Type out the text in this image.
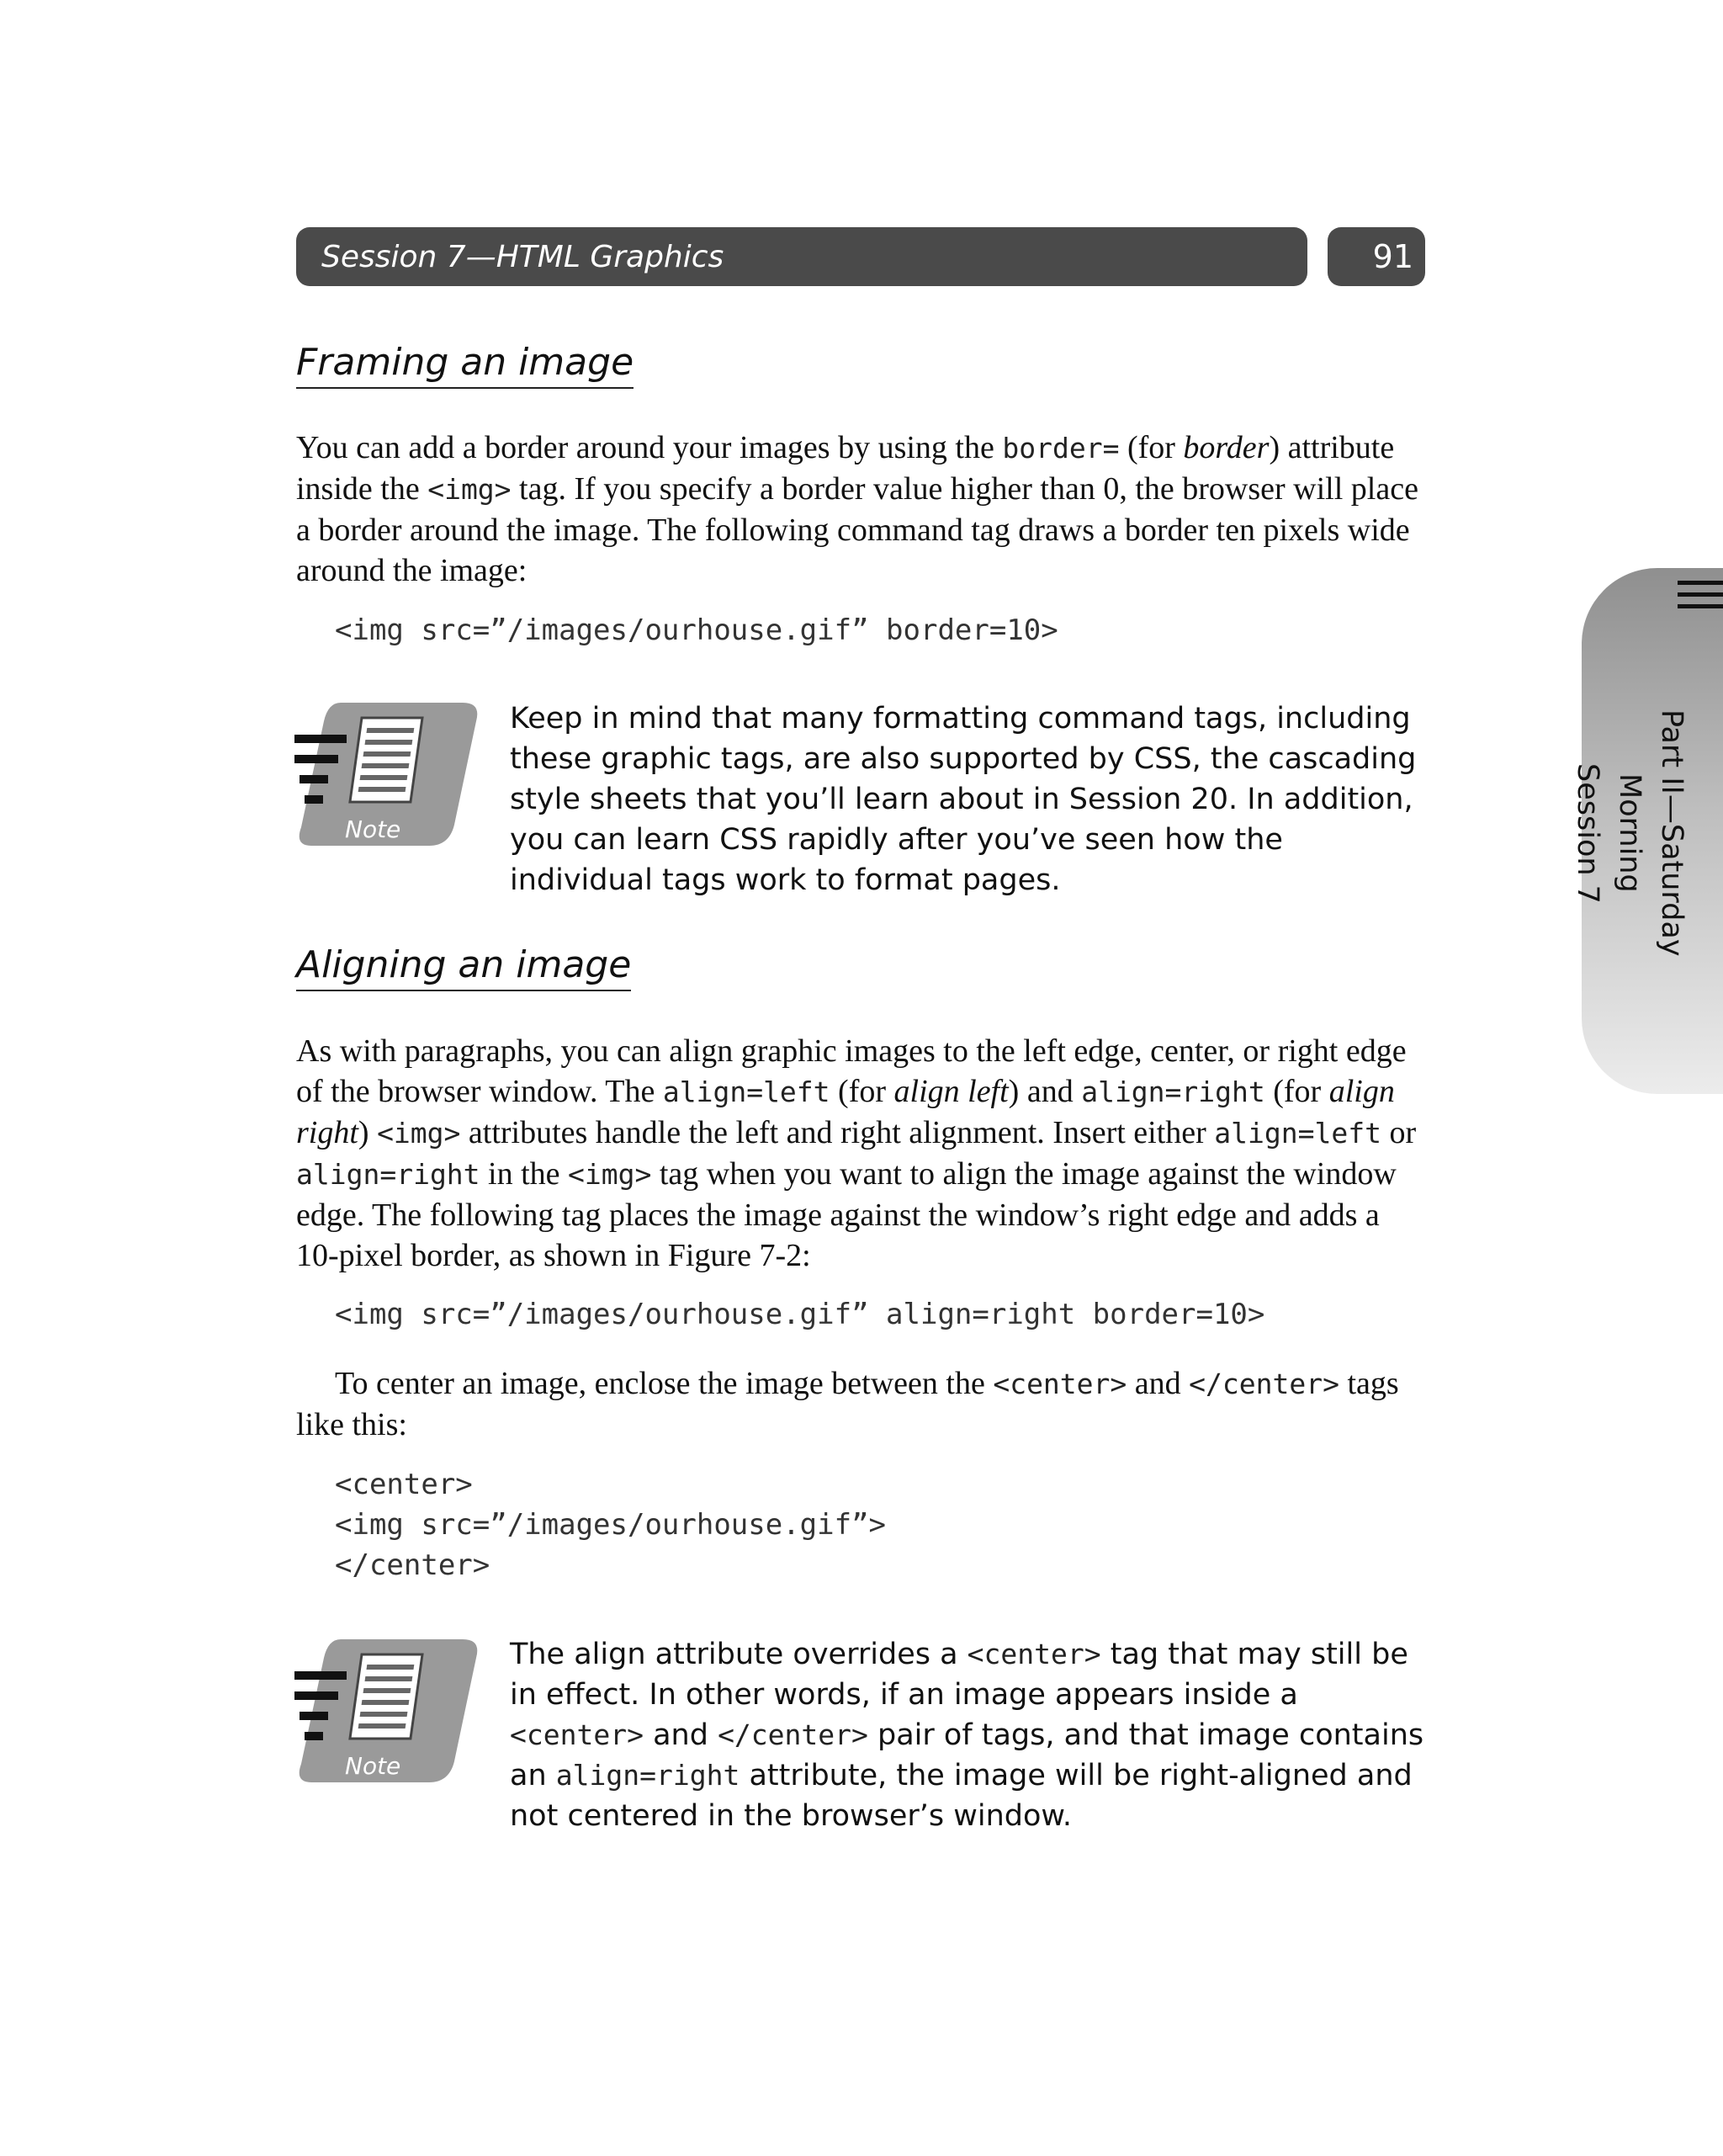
Session 7—HTML Graphics	91
Part II—Saturday Morning
Session 7
Framing an image
You can add a border around your images by using the border= (for border) attribute inside the <img> tag. If you specify a border value higher than 0, the browser will place a border around the image. The following command tag draws a border ten pixels wide around the image:
<img src=”/images/ourhouse.gif” border=10>
Note
Keep in mind that many formatting command tags, including these graphic tags, are also supported by CSS, the cascading style sheets that you’ll learn about in Session 20. In addition, you can learn CSS rapidly after you’ve seen how the individual tags work to format pages.
Aligning an image
As with paragraphs, you can align graphic images to the left edge, center, or right edge of the browser window. The align=left (for align left) and align=right (for align right) <img> attributes handle the left and right alignment. Insert either align=left or align=right in the <img> tag when you want to align the image against the window edge. The following tag places the image against the window’s right edge and adds a 10-pixel border, as shown in Figure 7-2:
<img src=”/images/ourhouse.gif” align=right border=10>
To center an image, enclose the image between the <center> and </center> tags like this:
<center>
<img src=”/images/ourhouse.gif”>
</center>
Note
The align attribute overrides a <center> tag that may still be in effect. In other words, if an image appears inside a <center> and </center> pair of tags, and that image contains an align=right attribute, the image will be right-aligned and not centered in the browser’s window.
